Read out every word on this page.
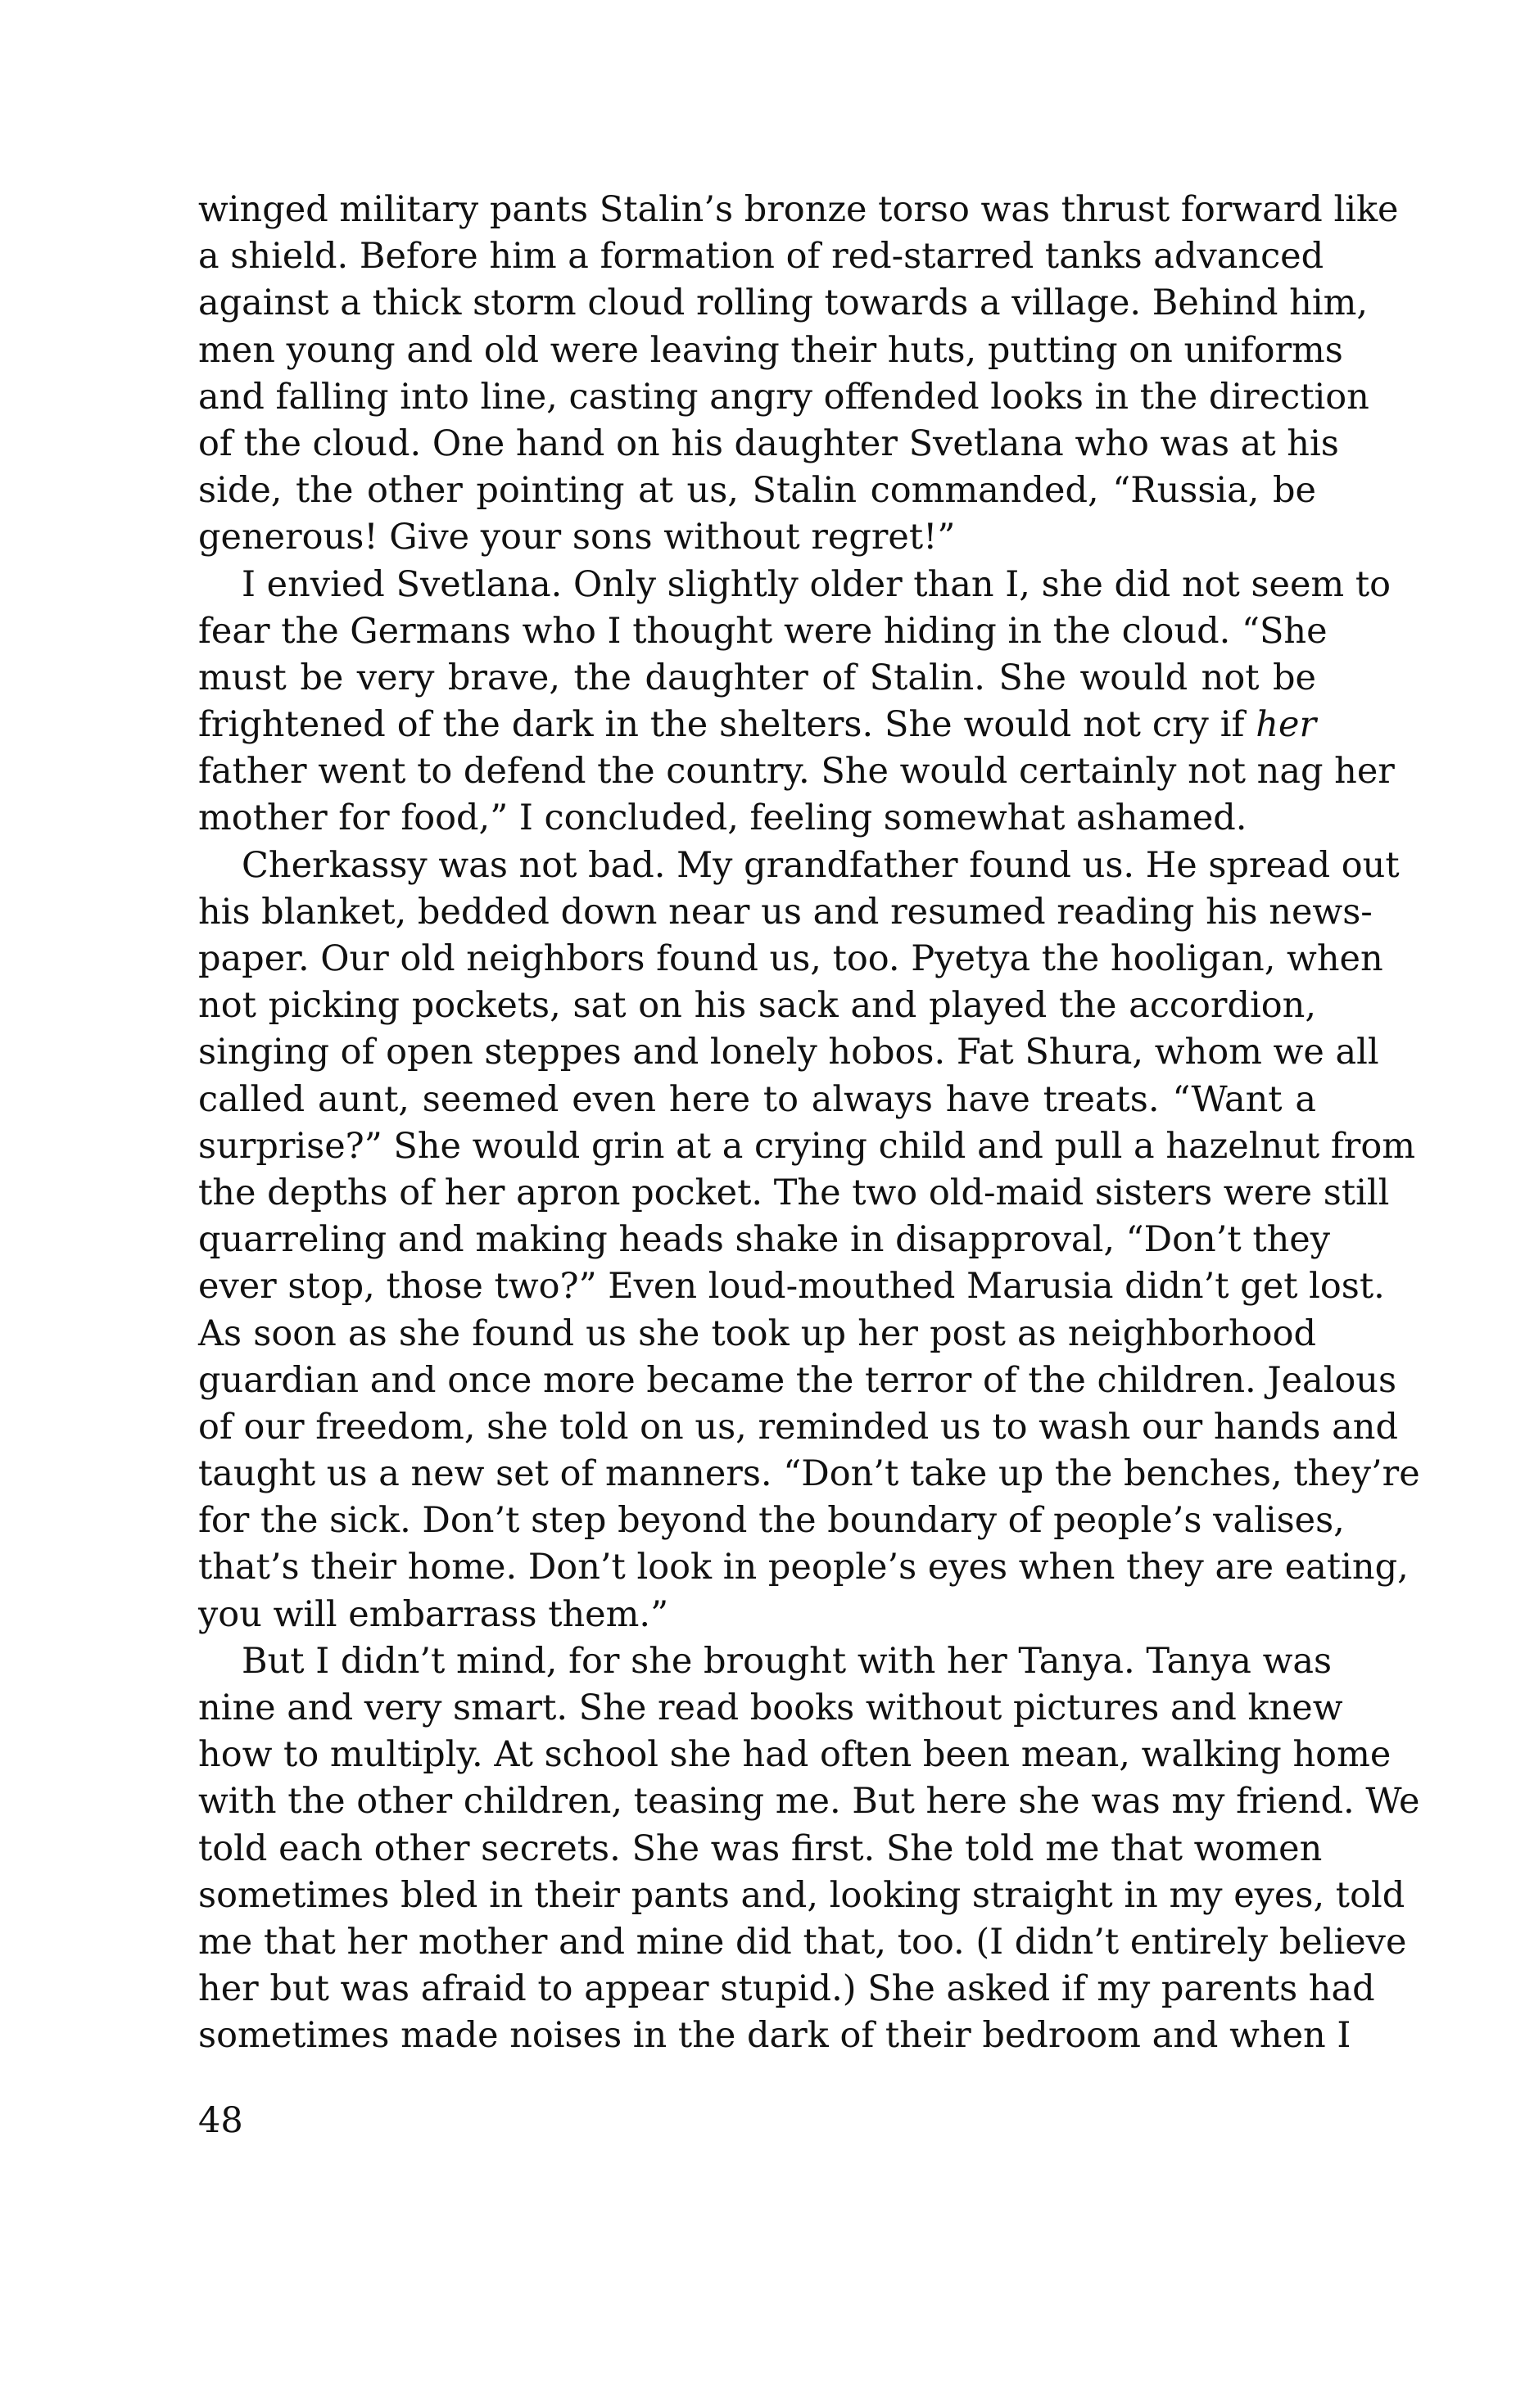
winged military pants Stalin’s bronze torso was thrust forward like
a shield. Before him a formation of red-starred tanks advanced
against a thick storm cloud rolling towards a village. Behind him,
men young and old were leaving their huts, putting on uniforms
and falling into line, casting angry offended looks in the direction
of the cloud. One hand on his daughter Svetlana who was at his
side, the other pointing at us, Stalin commanded, “Russia, be
generous! Give your sons without regret!”
I envied Svetlana. Only slightly older than I, she did not seem to
fear the Germans who I thought were hiding in the cloud. “She
must be very brave, the daughter of Stalin. She would not be
frightened of the dark in the shelters. She would not cry if her
father went to defend the country. She would certainly not nag her
mother for food,” I concluded, feeling somewhat ashamed.
Cherkassy was not bad. My grandfather found us. He spread out
his blanket, bedded down near us and resumed reading his news-
paper. Our old neighbors found us, too. Pyetya the hooligan, when
not picking pockets, sat on his sack and played the accordion,
singing of open steppes and lonely hobos. Fat Shura, whom we all
called aunt, seemed even here to always have treats. “Want a
surprise?” She would grin at a crying child and pull a hazelnut from
the depths of her apron pocket. The two old-maid sisters were still
quarreling and making heads shake in disapproval, “Don’t they
ever stop, those two?” Even loud-mouthed Marusia didn’t get lost.
As soon as she found us she took up her post as neighborhood
guardian and once more became the terror of the children. Jealous
of our freedom, she told on us, reminded us to wash our hands and
taught us a new set of manners. “Don’t take up the benches, they’re
for the sick. Don’t step beyond the boundary of people’s valises,
that’s their home. Don’t look in people’s eyes when they are eating,
you will embarrass them.”
But I didn’t mind, for she brought with her Tanya. Tanya was
nine and very smart. She read books without pictures and knew
how to multiply. At school she had often been mean, walking home
with the other children, teasing me. But here she was my friend. We
told each other secrets. She was first. She told me that women
sometimes bled in their pants and, looking straight in my eyes, told
me that her mother and mine did that, too. (I didn’t entirely believe
her but was afraid to appear stupid.) She asked if my parents had
sometimes made noises in the dark of their bedroom and when I
48
